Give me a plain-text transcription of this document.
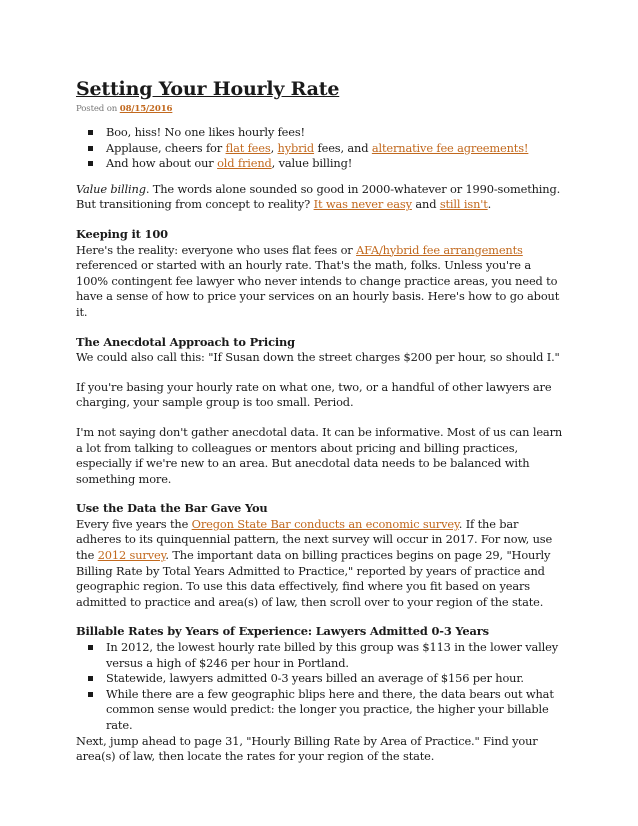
Setting Your Hourly Rate
Posted on 08/15/2016
Boo, hiss! No one likes hourly fees!
Applause, cheers for flat fees, hybrid fees, and alternative fee agreements!
And how about our old friend, value billing!

Value billing. The words alone sounded so good in 2000-whatever or 1990-something.
But transitioning from concept to reality? It was never easy and still isn't.

Keeping it 100

Here's the reality: everyone who uses flat fees or AFA/hybrid fee arrangements referenced or started with an hourly rate. That's the math, folks. Unless you're a 100% contingent fee lawyer who never intends to change practice areas, you need to have a sense of how to price your services on an hourly basis. Here's how to go about it.

The Anecdotal Approach to Pricing

We could also call this: "If Susan down the street charges $200 per hour, so should I."

If you're basing your hourly rate on what one, two, or a handful of other lawyers are charging, your sample group is too small. Period.

I'm not saying don't gather anecdotal data. It can be informative. Most of us can learn a lot from talking to colleagues or mentors about pricing and billing practices, especially if we're new to an area. But anecdotal data needs to be balanced with something more.

Use the Data the Bar Gave You

Every five years the Oregon State Bar conducts an economic survey. If the bar adheres to its quinquennial pattern, the next survey will occur in 2017. For now, use the 2012 survey. The important data on billing practices begins on page 29, "Hourly Billing Rate by Total Years Admitted to Practice," reported by years of practice and geographic region. To use this data effectively, find where you fit based on years admitted to practice and area(s) of law, then scroll over to your region of the state.

Billable Rates by Years of Experience: Lawyers Admitted 0-3 Years
In 2012, the lowest hourly rate billed by this group was $113 in the lower valley versus a high of $246 per hour in Portland.
Statewide, lawyers admitted 0-3 years billed an average of $156 per hour.
While there are a few geographic blips here and there, the data bears out what common sense would predict: the longer you practice, the higher your billable rate.

Next, jump ahead to page 31, "Hourly Billing Rate by Area of Practice." Find your area(s) of law, then locate the rates for your region of the state.
